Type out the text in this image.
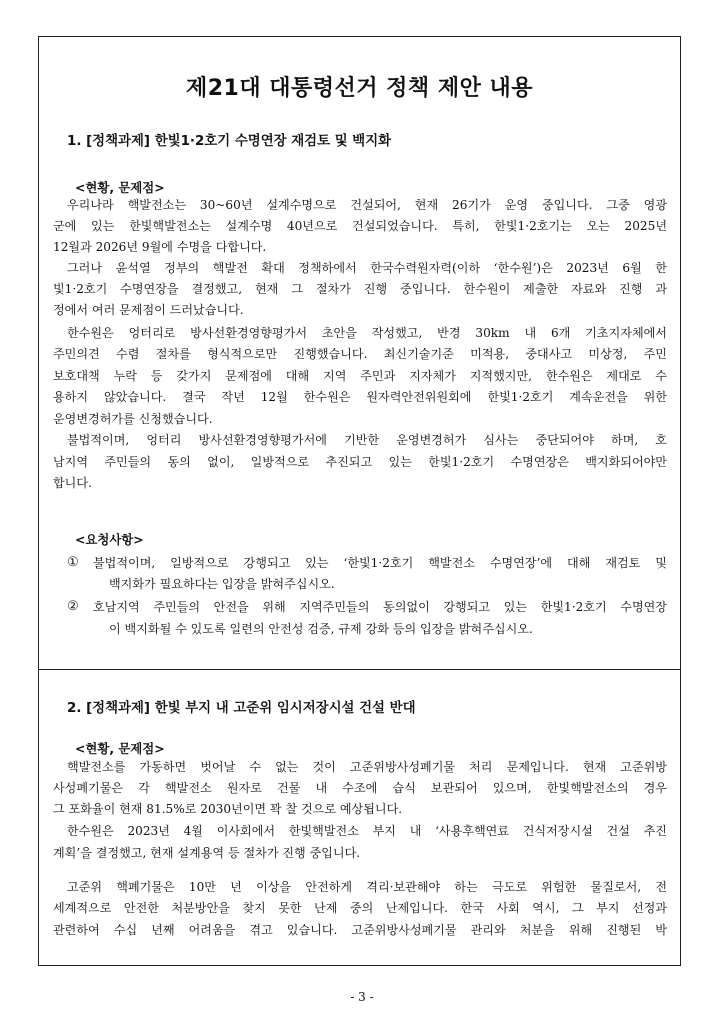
제21대 대통령선거 정책 제안 내용
1. [정책과제] 한빛1·2호기 수명연장 재검토 및 백지화
<현황, 문제점>
우리나라 핵발전소는 30~60년 설계수명으로 건설되어, 현재 26기가 운영 중입니다. 그중 영광
군에 있는 한빛핵발전소는 설계수명 40년으로 건설되었습니다. 특히, 한빛1·2호기는 오는 2025년
12월과 2026년 9월에 수명을 다합니다.
그러나 윤석열 정부의 핵발전 확대 정책하에서 한국수력원자력(이하 ‘한수원’)은 2023년 6월 한
빛1·2호기 수명연장을 결정했고, 현재 그 절차가 진행 중입니다. 한수원이 제출한 자료와 진행 과
정에서 여러 문제점이 드러났습니다.
한수원은 엉터리로 방사선환경영향평가서 초안을 작성했고, 반경 30km 내 6개 기초지자체에서
주민의견 수렴 절차를 형식적으로만 진행했습니다. 최신기술기준 미적용, 중대사고 미상정, 주민
보호대책 누락 등 갖가지 문제점에 대해 지역 주민과 지자체가 지적했지만, 한수원은 제대로 수
용하지 않았습니다. 결국 작년 12월 한수원은 원자력안전위원회에 한빛1·2호기 계속운전을 위한
운영변경허가를 신청했습니다.
불법적이며, 엉터리 방사선환경영향평가서에 기반한 운영변경허가 심사는 중단되어야 하며, 호
남지역 주민들의 동의 없이, 일방적으로 추진되고 있는 한빛1·2호기 수명연장은 백지화되어야만
합니다.
<요청사항>
① 불법적이며, 일방적으로 강행되고 있는 ‘한빛1·2호기 핵발전소 수명연장’에 대해 재검토 및
백지화가 필요하다는 입장을 밝혀주십시오.
② 호남지역 주민들의 안전을 위해 지역주민들의 동의없이 강행되고 있는 한빛1·2호기 수명연장
이 백지화될 수 있도록 일련의 안전성 검증, 규제 강화 등의 입장을 밝혀주십시오.
2. [정책과제] 한빛 부지 내 고준위 임시저장시설 건설 반대
<현황, 문제점>
핵발전소를 가동하면 벗어날 수 없는 것이 고준위방사성폐기물 처리 문제입니다. 현재 고준위방
사성폐기물은 각 핵발전소 원자로 건물 내 수조에 습식 보관되어 있으며, 한빛핵발전소의 경우
그 포화율이 현재 81.5%로 2030년이면 꽉 찰 것으로 예상됩니다.
한수원은 2023년 4월 이사회에서 한빛핵발전소 부지 내 ‘사용후핵연료 건식저장시설 건설 추진
계획’을 결정했고, 현재 설계용역 등 절차가 진행 중입니다.
고준위 핵폐기물은 10만 년 이상을 안전하게 격리·보관해야 하는 극도로 위험한 물질로서, 전
세계적으로 안전한 처분방안을 찾지 못한 난제 중의 난제입니다. 한국 사회 역시, 그 부지 선정과
관련하여 수십 년째 어려움을 겪고 있습니다. 고준위방사성폐기물 관리와 처분을 위해 진행된 박
- 3 -
